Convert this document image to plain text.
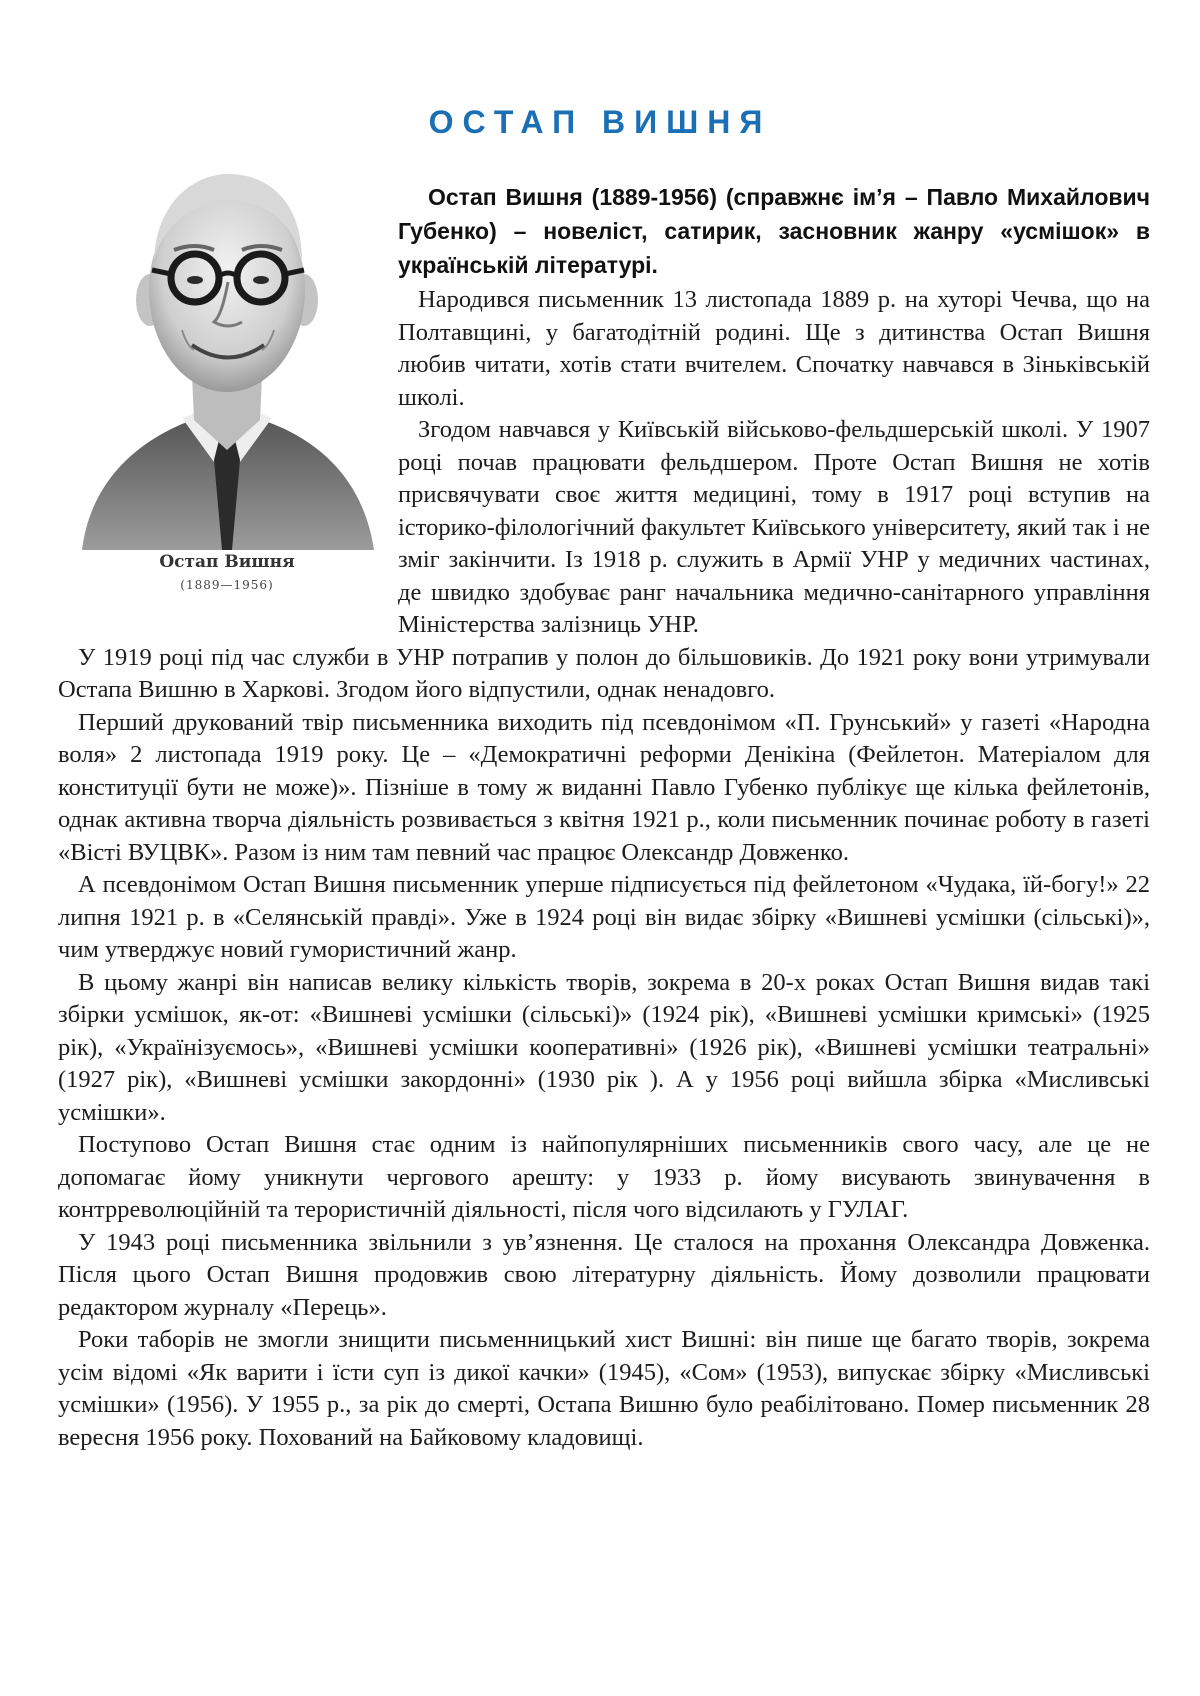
ОСТАП ВИШНЯ
Остап Вишня
(1889—1956)

Остап Вишня (1889-1956) (справжнє ім’я – Павло Михайлович Губенко) – новеліст, сатирик, засновник жанру «усмішок» в українській літературі.

Народився письменник 13 листопада 1889 р. на хуторі Чечва, що на Полтавщині, у багатодітній родині. Ще з дитинства Остап Вишня любив читати, хотів стати вчителем. Спочатку навчався в Зіньківській школі.

Згодом навчався у Київській військово-фельдшерській школі. У 1907 році почав працювати фельдшером. Проте Остап Вишня не хотів присвячувати своє життя медицині, тому в 1917 році вступив на історико-філологічний факультет Київського університету, який так і не зміг закінчити. Із 1918 р. служить в Армії УНР у медичних частинах, де швидко здобуває ранг начальника медично-санітарного управління Міністерства залізниць УНР.

У 1919 році під час служби в УНР потрапив у полон до більшовиків. До 1921 року вони утримували Остапа Вишню в Харкові. Згодом його відпустили, однак ненадовго.

Перший друкований твір письменника виходить під псевдонімом «П. Грунський» у газеті «Народна воля» 2 листопада 1919 року. Це – «Демократичні реформи Денікіна (Фейлетон. Матеріалом для конституції бути не може)». Пізніше в тому ж виданні Павло Губенко публікує ще кілька фейлетонів, однак активна творча діяльність розвивається з квітня 1921 р., коли письменник починає роботу в газеті «Вісті ВУЦВК». Разом із ним там певний час працює Олександр Довженко.

А псевдонімом Остап Вишня письменник уперше підписується під фейлетоном «Чудака, їй-богу!» 22 липня 1921 р. в «Селянській правді». Уже в 1924 році він видає збірку «Вишневі усмішки (сільські)», чим утверджує новий гумористичний жанр.

В цьому жанрі він написав велику кількість творів, зокрема в 20-х роках Остап Вишня видав такі збірки усмішок, як-от: «Вишневі усмішки (сільські)» (1924 рік), «Вишневі усмішки кримські» (1925 рік), «Українізуємось», «Вишневі усмішки кооперативні» (1926 рік), «Вишневі усмішки театральні» (1927 рік), «Вишневі усмішки закордонні» (1930 рік ). А у 1956 році вийшла збірка «Мисливські усмішки».

Поступово Остап Вишня стає одним із найпопулярніших письменників свого часу, але це не допомагає йому уникнути чергового арешту: у 1933 р. йому висувають звинувачення в контрреволюційній та терористичній діяльності, після чого відсилають у ГУЛАГ.

У 1943 році письменника звільнили з ув’язнення. Це сталося на прохання Олександра Довженка. Після цього Остап Вишня продовжив свою літературну діяльність. Йому дозволили працювати редактором журналу «Перець».

Роки таборів не змогли знищити письменницький хист Вишні: він пише ще багато творів, зокрема усім відомі «Як варити і їсти суп із дикої качки» (1945), «Сом» (1953), випускає збірку «Мисливські усмішки» (1956). У 1955 р., за рік до смерті, Остапа Вишню було реабілітовано. Помер письменник 28 вересня 1956 року. Похований на Байковому кладовищі.
